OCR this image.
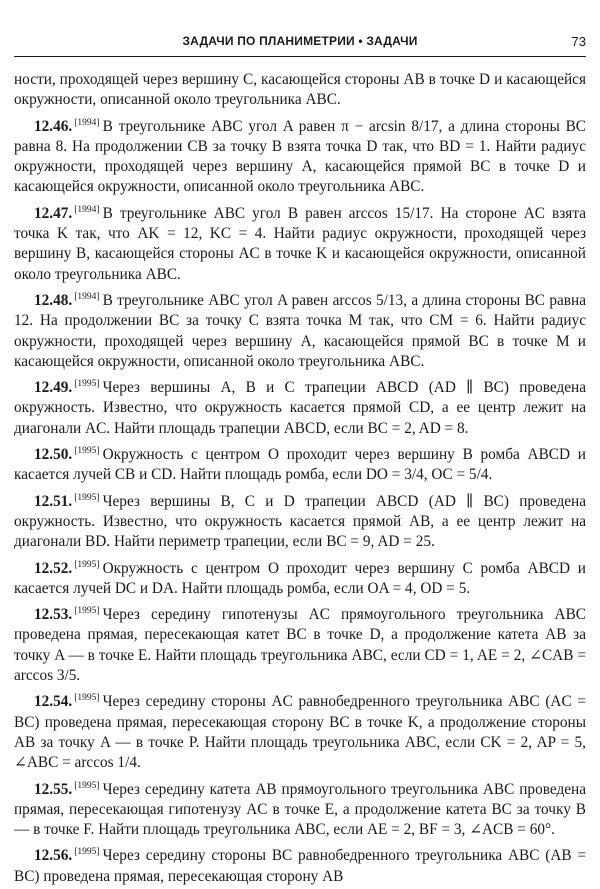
ЗАДАЧИ ПО ПЛАНИМЕТРИИ • ЗАДАЧИ	73

ности, проходящей через вершину C, касающейся стороны AB в точке D и касающейся окружности, описанной около треугольника ABC.

12.46. [1994] В треугольнике ABC угол A равен π − arcsin 8/17, а длина стороны BC равна 8. На продолжении CB за точку B взята точка D так, что BD = 1. Найти радиус окружности, проходящей через вершину A, касающейся прямой BC в точке D и касающейся окружности, описанной около треугольника ABC.

12.47. [1994] В треугольнике ABC угол B равен arccos 15/17. На стороне AC взята точка K так, что AK = 12, KC = 4. Найти радиус окружности, проходящей через вершину B, касающейся стороны AC в точке K и касающейся окружности, описанной около треугольника ABC.

12.48. [1994] В треугольнике ABC угол A равен arccos 5/13, а длина стороны BC равна 12. На продолжении BC за точку C взята точка M так, что CM = 6. Найти радиус окружности, проходящей через вершину A, касающейся прямой BC в точке M и касающейся окружности, описанной около треугольника ABC.

12.49. [1995] Через вершины A, B и C трапеции ABCD (AD ∥ BC) проведена окружность. Известно, что окружность касается прямой CD, а ее центр лежит на диагонали AC. Найти площадь трапеции ABCD, если BC = 2, AD = 8.

12.50. [1995] Окружность с центром O проходит через вершину B ромба ABCD и касается лучей CB и CD. Найти площадь ромба, если DO = 3/4, OC = 5/4.

12.51. [1995] Через вершины B, C и D трапеции ABCD (AD ∥ BC) проведена окружность. Известно, что окружность касается прямой AB, а ее центр лежит на диагонали BD. Найти периметр трапеции, если BC = 9, AD = 25.

12.52. [1995] Окружность с центром O проходит через вершину C ромба ABCD и касается лучей DC и DA. Найти площадь ромба, если OA = 4, OD = 5.

12.53. [1995] Через середину гипотенузы AC прямоугольного треугольника ABC проведена прямая, пересекающая катет BC в точке D, а продолжение катета AB за точку A — в точке E. Найти площадь треугольника ABC, если CD = 1, AE = 2, ∠CAB = arccos 3/5.

12.54. [1995] Через середину стороны AC равнобедренного треугольника ABC (AC = BC) проведена прямая, пересекающая сторону BC в точке K, а продолжение стороны AB за точку A — в точке P. Найти площадь треугольника ABC, если CK = 2, AP = 5, ∠ABC = arccos 1/4.

12.55. [1995] Через середину катета AB прямоугольного треугольника ABC проведена прямая, пересекающая гипотенузу AC в точке E, а продолжение катета BC за точку B — в точке F. Найти площадь треугольника ABC, если AE = 2, BF = 3, ∠ACB = 60°.

12.56. [1995] Через середину стороны BC равнобедренного треугольника ABC (AB = BC) проведена прямая, пересекающая сторону AB
